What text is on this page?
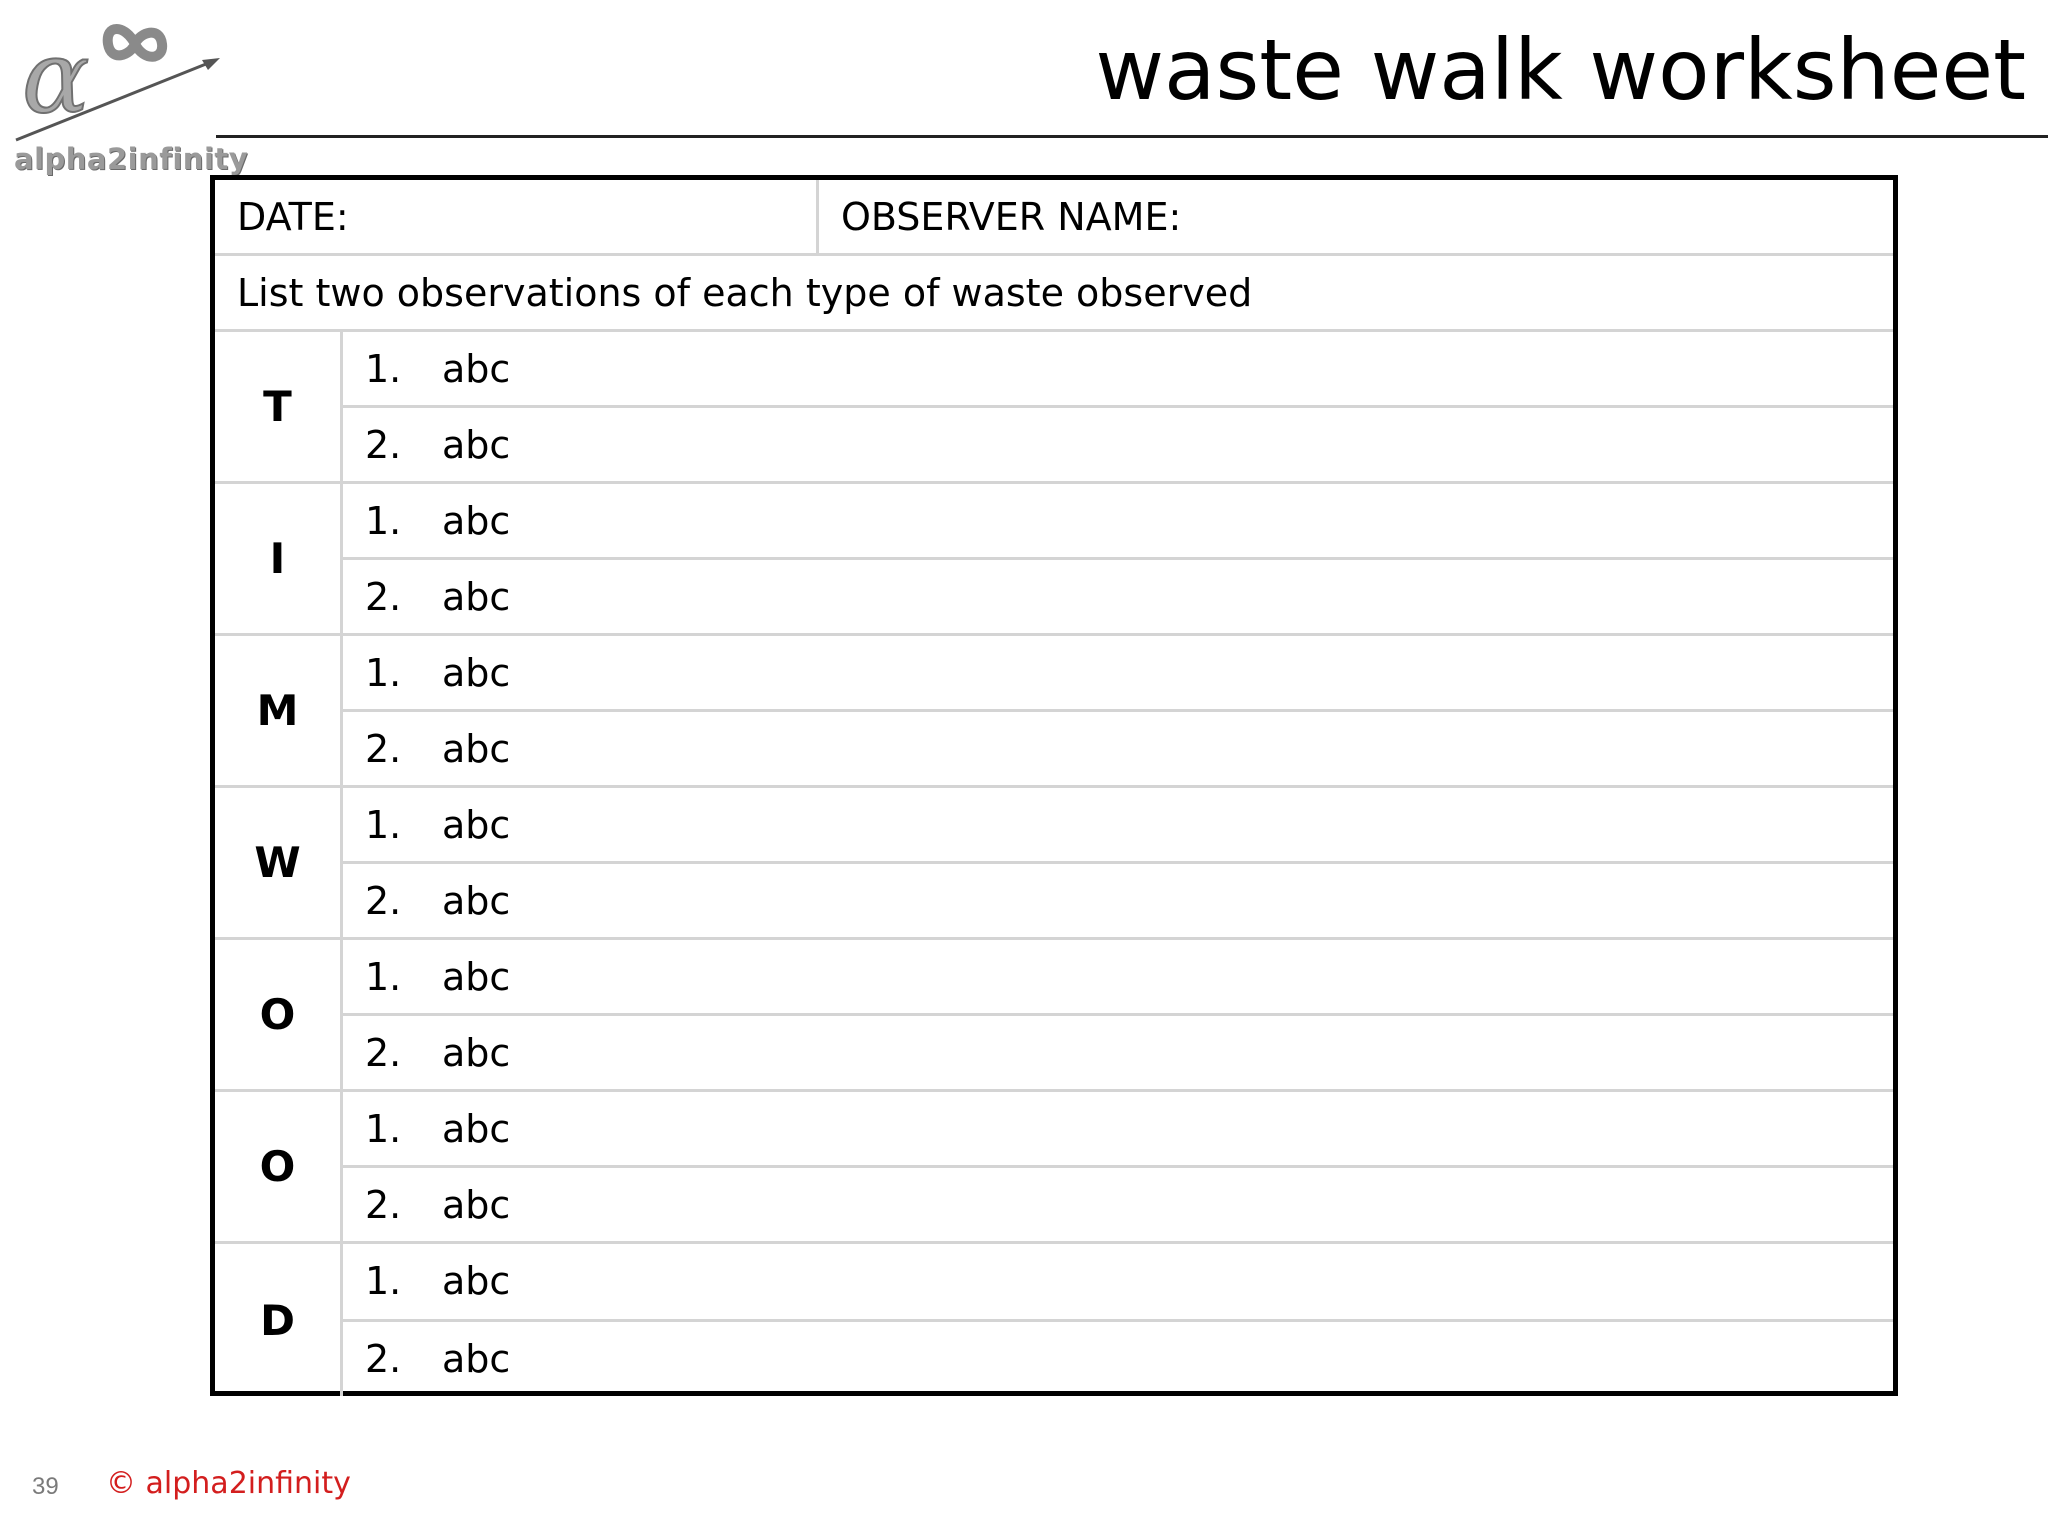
α
alpha2infinity
waste walk worksheet
DATE:	OBSERVER NAME:
List two observations of each type of waste observed
T
1.	abc
2.	abc
I
1.	abc
2.	abc
M
1.	abc
2.	abc
W
1.	abc
2.	abc
O
1.	abc
2.	abc
O
1.	abc
2.	abc
D
1.	abc
2.	abc
39 © alpha2infinity
